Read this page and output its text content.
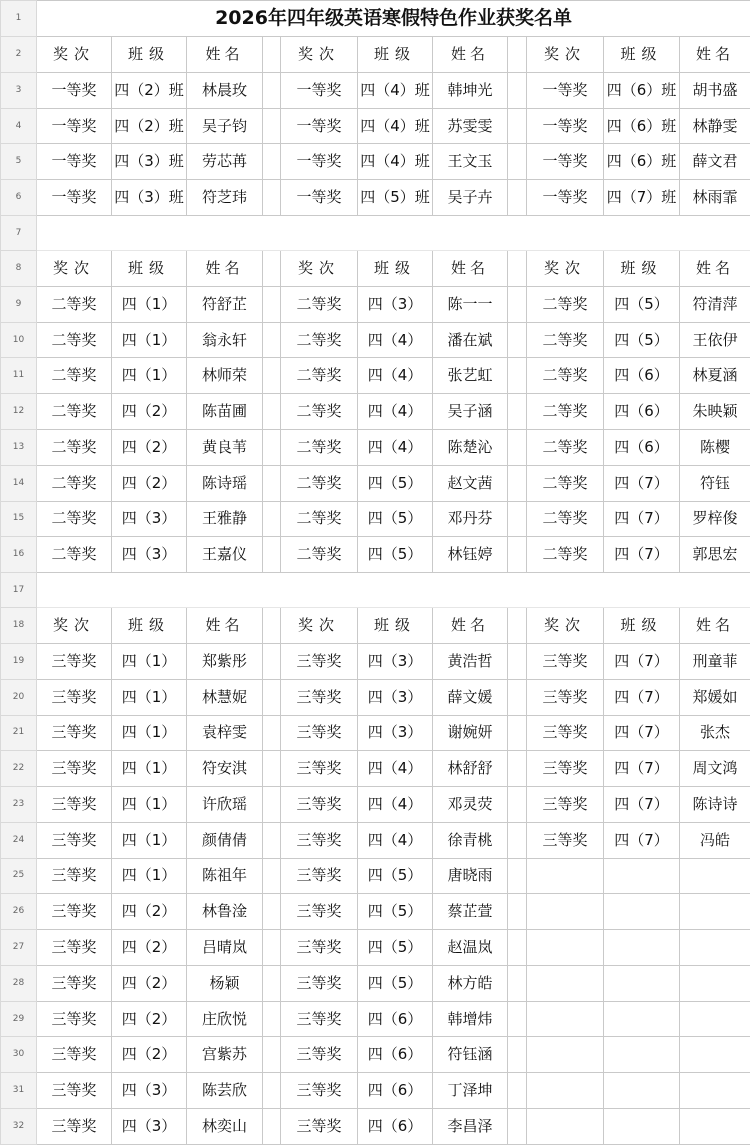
1	2026年四年级英语寒假特色作业获奖名单										
2	奖次	班级	姓名		奖次	班级	姓名		奖次	班级	姓名
3	一等奖	四（2）班	林晨玫		一等奖	四（4）班	韩坤光		一等奖	四（6）班	胡书盛
4	一等奖	四（2）班	吴子钧		一等奖	四（4）班	苏雯雯		一等奖	四（6）班	林静雯
5	一等奖	四（3）班	劳芯苒		一等奖	四（4）班	王文玉		一等奖	四（6）班	薛文君
6	一等奖	四（3）班	符芝玮		一等奖	四（5）班	吴子卉		一等奖	四（7）班	林雨霏
7											
8	奖次	班级	姓名		奖次	班级	姓名		奖次	班级	姓名
9	二等奖	四（1）	符舒芷		二等奖	四（3）	陈一一		二等奖	四（5）	符清萍
10	二等奖	四（1）	翁永轩		二等奖	四（4）	潘在斌		二等奖	四（5）	王依伊
11	二等奖	四（1）	林师荣		二等奖	四（4）	张艺虹		二等奖	四（6）	林夏涵
12	二等奖	四（2）	陈苗圃		二等奖	四（4）	吴子涵		二等奖	四（6）	朱映颖
13	二等奖	四（2）	黄良苇		二等奖	四（4）	陈楚沁		二等奖	四（6）	陈樱
14	二等奖	四（2）	陈诗瑶		二等奖	四（5）	赵文茜		二等奖	四（7）	符钰
15	二等奖	四（3）	王雅静		二等奖	四（5）	邓丹芬		二等奖	四（7）	罗梓俊
16	二等奖	四（3）	王嘉仪		二等奖	四（5）	林钰婷		二等奖	四（7）	郭思宏
17											
18	奖次	班级	姓名		奖次	班级	姓名		奖次	班级	姓名
19	三等奖	四（1）	郑紫彤		三等奖	四（3）	黄浩哲		三等奖	四（7）	刑童菲
20	三等奖	四（1）	林慧妮		三等奖	四（3）	薛文媛		三等奖	四（7）	郑媛如
21	三等奖	四（1）	袁梓雯		三等奖	四（3）	谢婉妍		三等奖	四（7）	张杰
22	三等奖	四（1）	符安淇		三等奖	四（4）	林舒舒		三等奖	四（7）	周文鸿
23	三等奖	四（1）	许欣瑶		三等奖	四（4）	邓灵荧		三等奖	四（7）	陈诗诗
24	三等奖	四（1）	颜倩倩		三等奖	四（4）	徐青桃		三等奖	四（7）	冯皓
25	三等奖	四（1）	陈祖年		三等奖	四（5）	唐晓雨				
26	三等奖	四（2）	林鲁淦		三等奖	四（5）	蔡芷萱				
27	三等奖	四（2）	吕晴岚		三等奖	四（5）	赵温岚				
28	三等奖	四（2）	杨颖		三等奖	四（5）	林方皓				
29	三等奖	四（2）	庄欣悦		三等奖	四（6）	韩增炜				
30	三等奖	四（2）	宫紫苏		三等奖	四（6）	符钰涵				
31	三等奖	四（3）	陈芸欣		三等奖	四（6）	丁泽坤				
32	三等奖	四（3）	林奕山		三等奖	四（6）	李昌泽				
